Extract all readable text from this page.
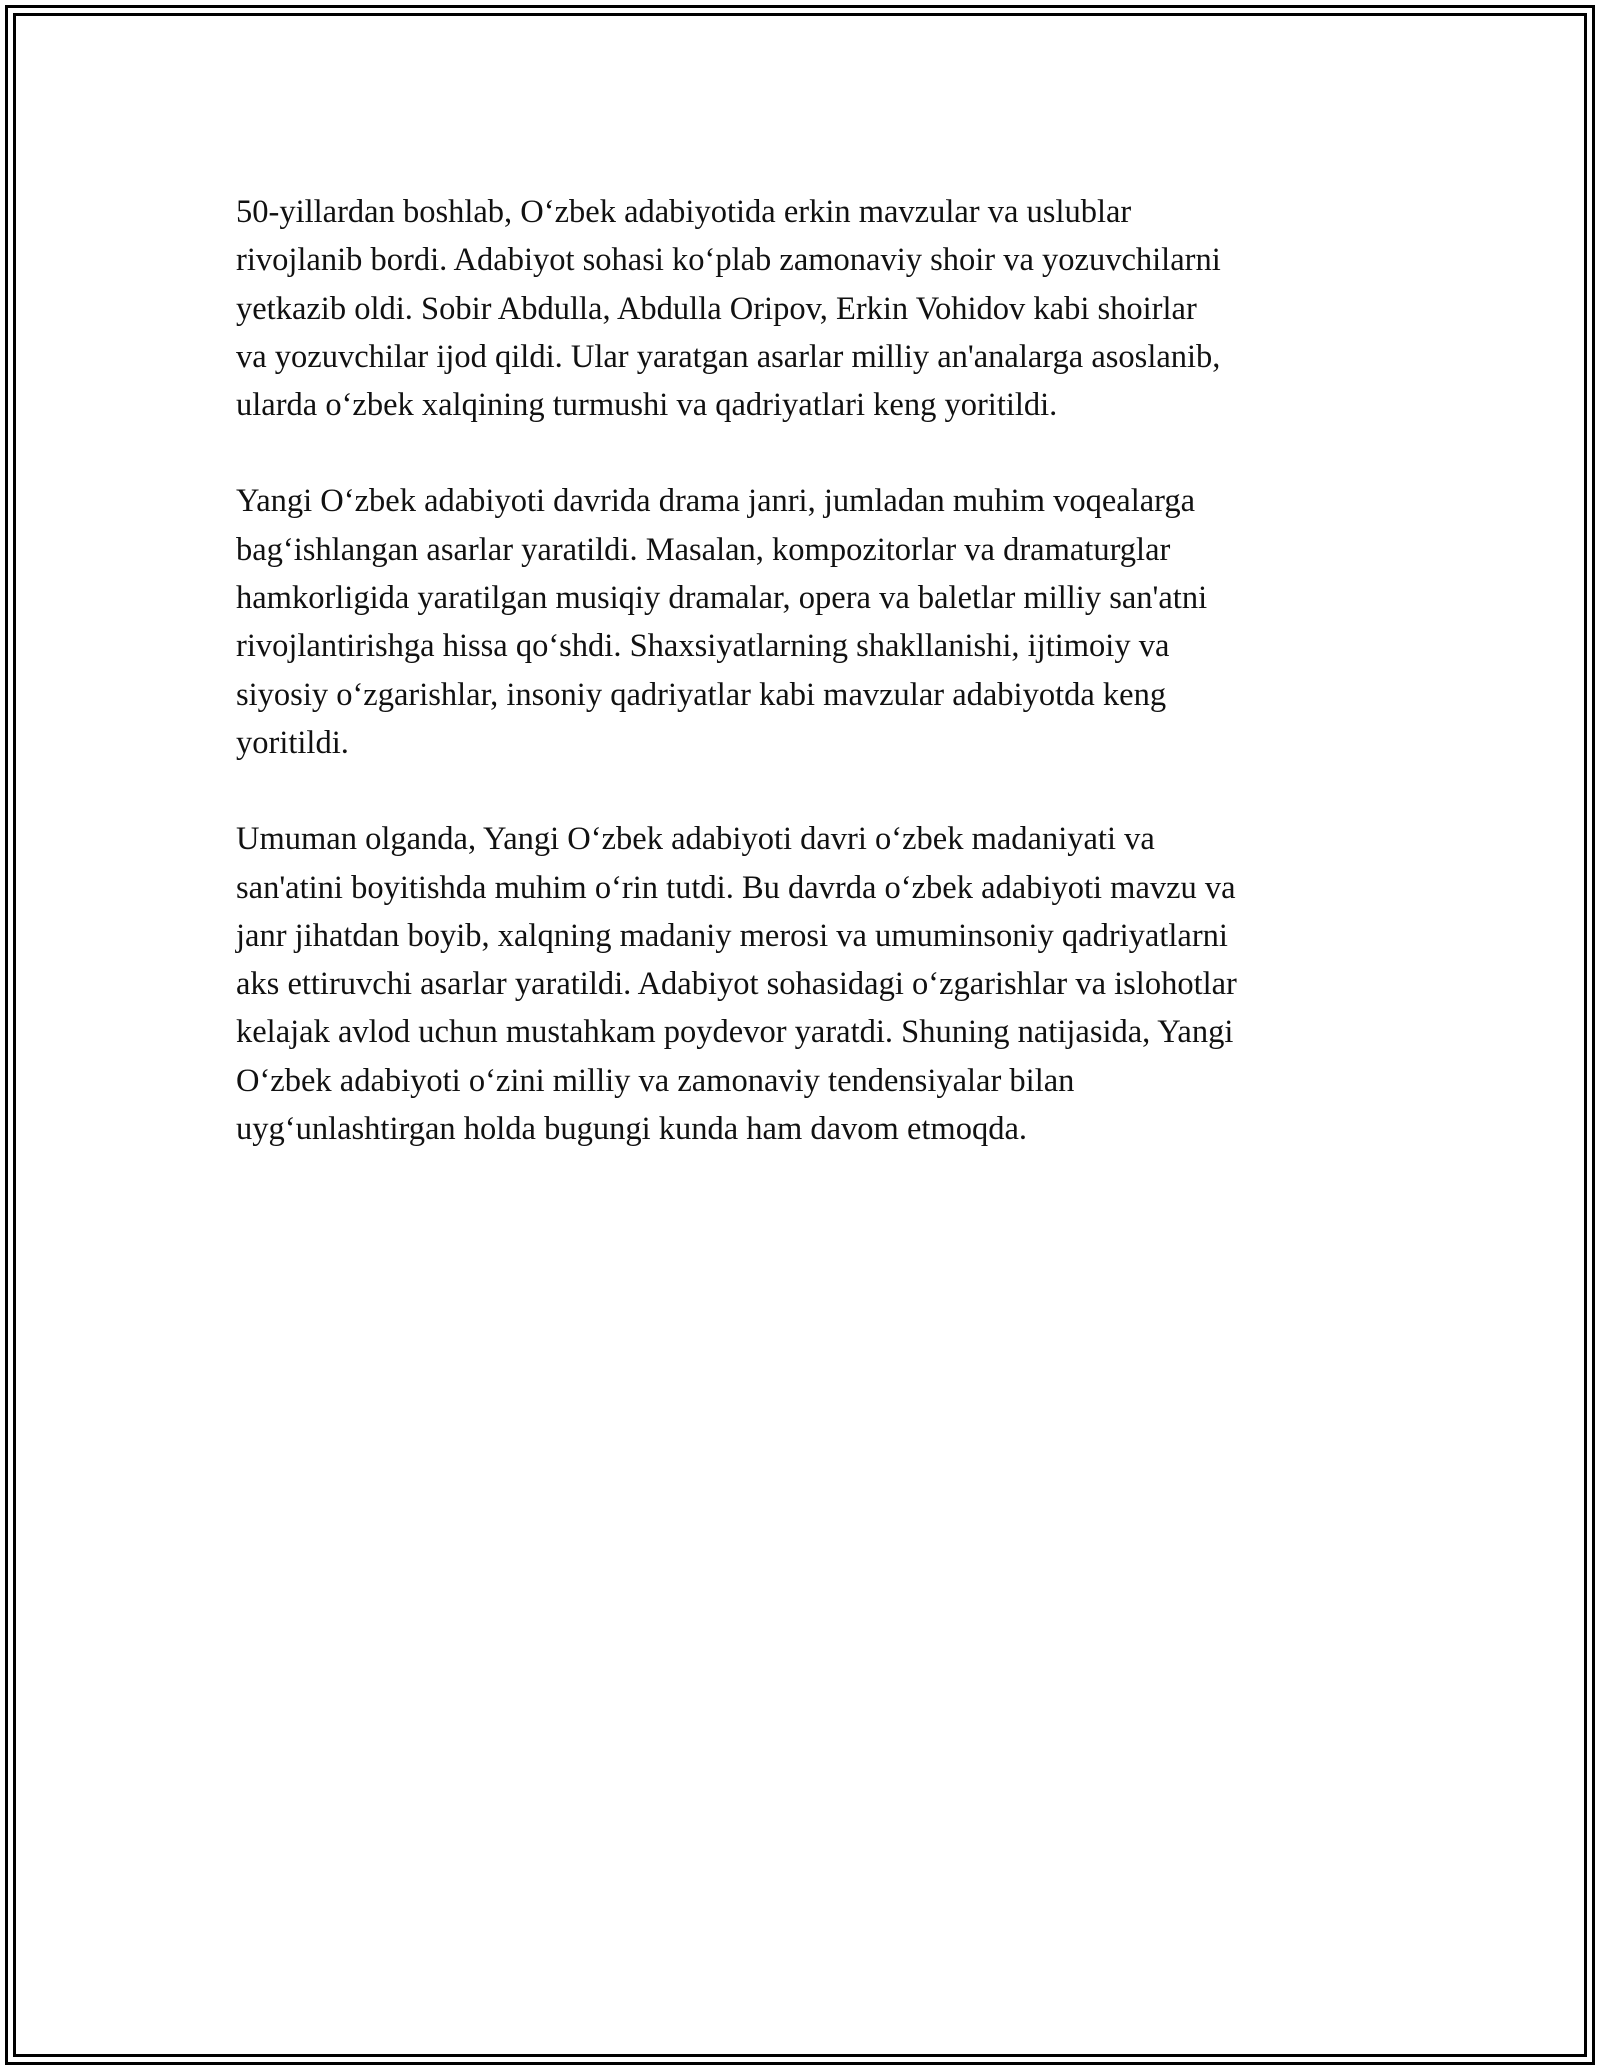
50-yillardan boshlab, O‘zbek adabiyotida erkin mavzular va uslublar
rivojlanib bordi. Adabiyot sohasi ko‘plab zamonaviy shoir va yozuvchilarni
yetkazib oldi. Sobir Abdulla, Abdulla Oripov, Erkin Vohidov kabi shoirlar
va yozuvchilar ijod qildi. Ular yaratgan asarlar milliy an'analarga asoslanib,
ularda o‘zbek xalqining turmushi va qadriyatlari keng yoritildi.

Yangi O‘zbek adabiyoti davrida drama janri, jumladan muhim voqealarga
bag‘ishlangan asarlar yaratildi. Masalan, kompozitorlar va dramaturglar
hamkorligida yaratilgan musiqiy dramalar, opera va baletlar milliy san'atni
rivojlantirishga hissa qo‘shdi. Shaxsiyatlarning shakllanishi, ijtimoiy va
siyosiy o‘zgarishlar, insoniy qadriyatlar kabi mavzular adabiyotda keng
yoritildi.

Umuman olganda, Yangi O‘zbek adabiyoti davri o‘zbek madaniyati va
san'atini boyitishda muhim o‘rin tutdi. Bu davrda o‘zbek adabiyoti mavzu va
janr jihatdan boyib, xalqning madaniy merosi va umuminsoniy qadriyatlarni
aks ettiruvchi asarlar yaratildi. Adabiyot sohasidagi o‘zgarishlar va islohotlar
kelajak avlod uchun mustahkam poydevor yaratdi. Shuning natijasida, Yangi
O‘zbek adabiyoti o‘zini milliy va zamonaviy tendensiyalar bilan
uyg‘unlashtirgan holda bugungi kunda ham davom etmoqda.
